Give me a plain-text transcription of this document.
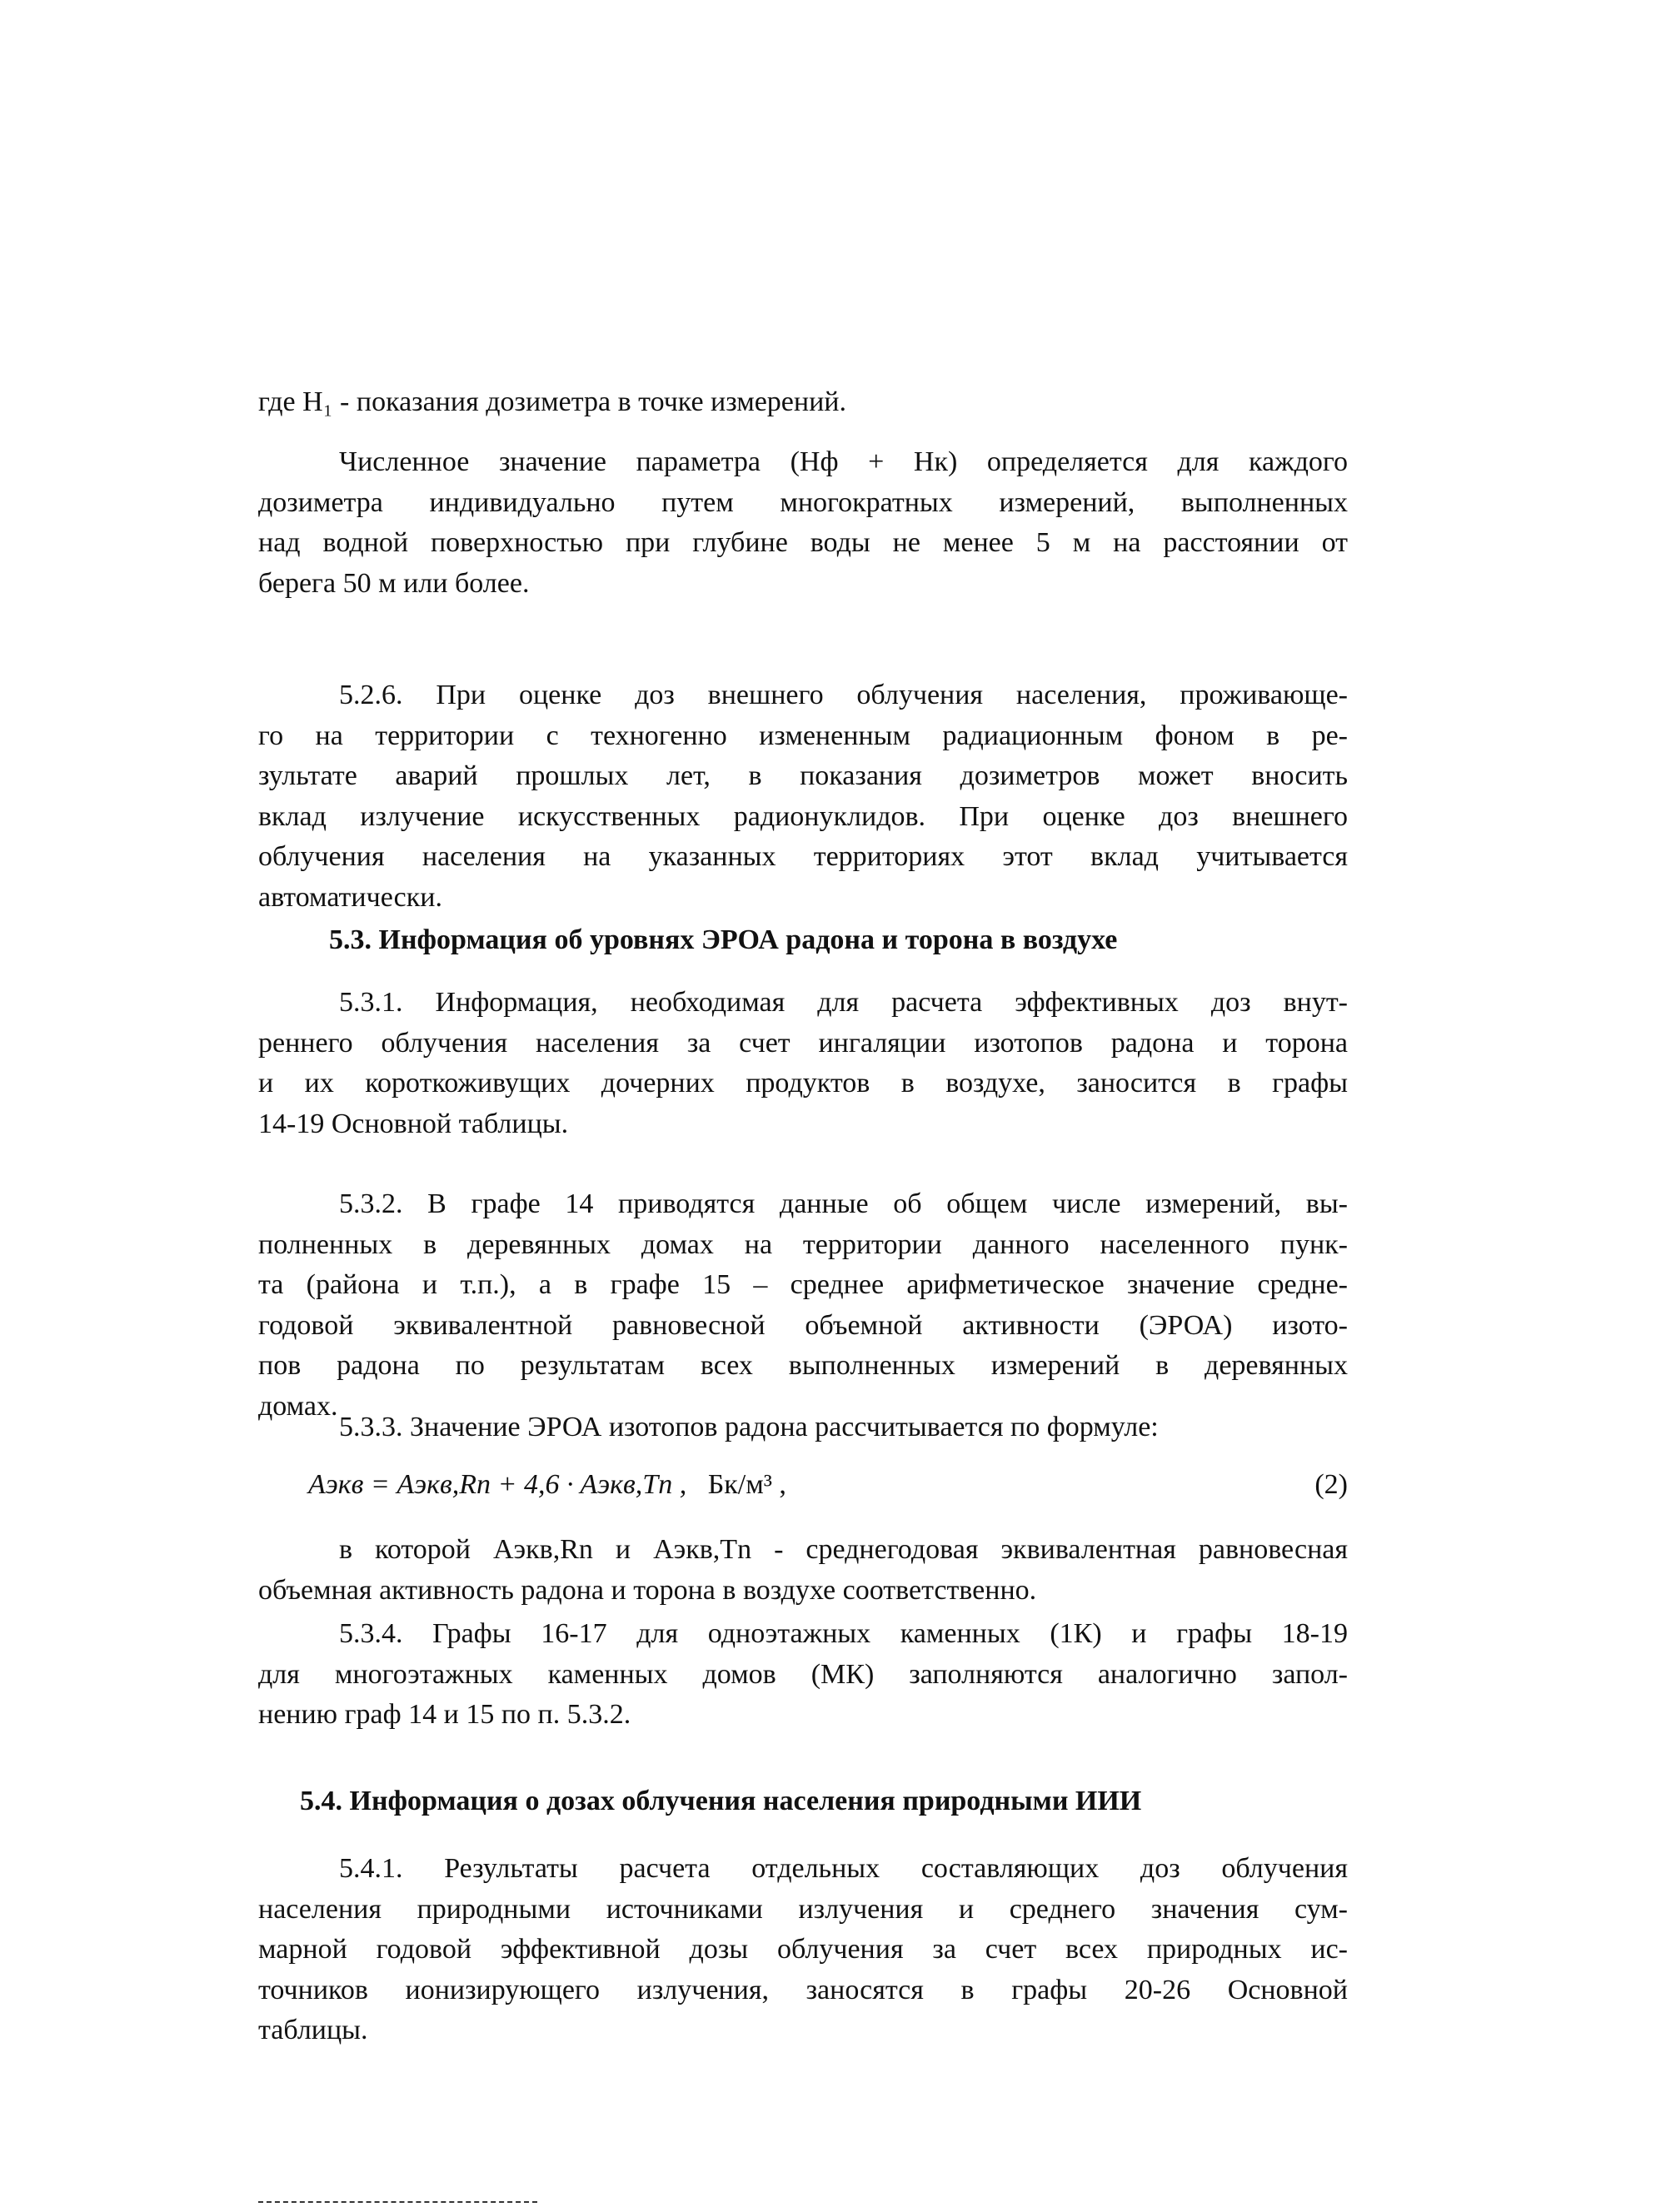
где H₁ - показания дозиметра в точке измерений.
Численное значение параметра (Hф + Hк) определяется для каждого
дозиметра индивидуально путем многократных измерений, выполненных
над водной поверхностью при глубине воды не менее 5 м на расстоянии от
берега 50 м или более.
5.2.6. При оценке доз внешнего облучения населения, проживающе-
го на территории с техногенно измененным радиационным фоном в ре-
зультате аварий прошлых лет, в показания дозиметров может вносить
вклад излучение искусственных радионуклидов. При оценке доз внешнего
облучения населения на указанных территориях этот вклад учитывается
автоматически.
5.3. Информация об уровнях ЭРОА радона и торона в воздухе
5.3.1. Информация, необходимая для расчета эффективных доз внут-
реннего облучения населения за счет ингаляции изотопов радона и торона
и их короткоживущих дочерних продуктов в воздухе, заносится в графы
14-19 Основной таблицы.
5.3.2. В графе 14 приводятся данные об общем числе измерений, вы-
полненных в деревянных домах на территории данного населенного пунк-
та (района и т.п.), а в графе 15 – среднее арифметическое значение средне-
годовой эквивалентной равновесной объемной активности (ЭРОА) изото-
пов радона по результатам всех выполненных измерений в деревянных
домах.
5.3.3. Значение ЭРОА изотопов радона рассчитывается по формуле:
Aэкв = Aэкв,Rn + 4,6 · Aэкв,Tn , Бк/м³ ,	(2)
в которой Aэкв,Rn и Aэкв,Tn - среднегодовая эквивалентная равновесная
объемная активность радона и торона в воздухе соответственно.
5.3.4. Графы 16-17 для одноэтажных каменных (1К) и графы 18-19
для многоэтажных каменных домов (МК) заполняются аналогично запол-
нению граф 14 и 15 по п. 5.3.2.
5.4. Информация о дозах облучения населения природными ИИИ
5.4.1. Результаты расчета отдельных составляющих доз облучения
населения природными источниками излучения и среднего значения сум-
марной годовой эффективной дозы облучения за счет всех природных ис-
точников ионизирующего излучения, заносятся в графы 20-26 Основной
таблицы.
